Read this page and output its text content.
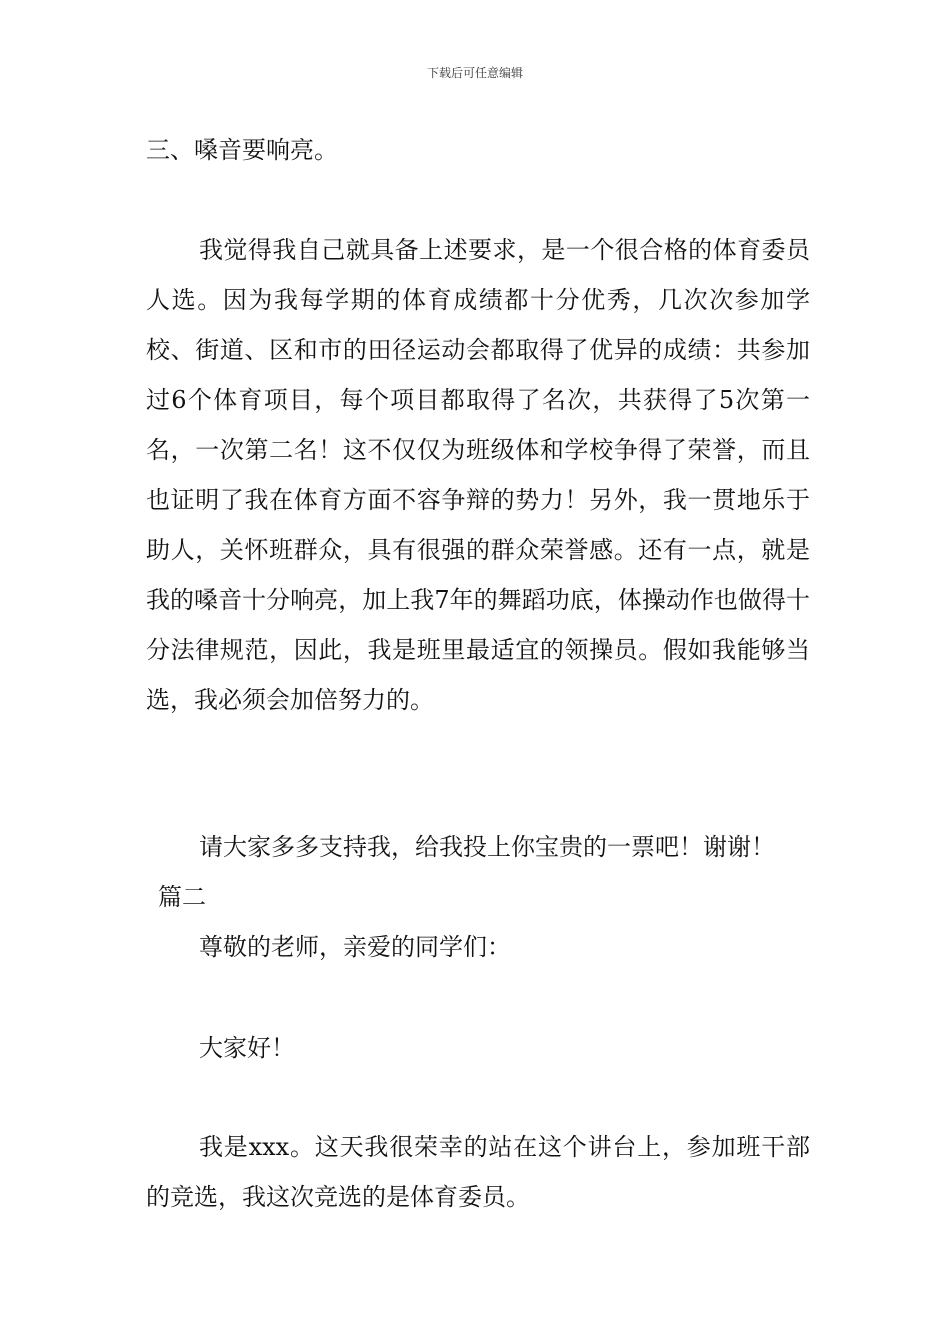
下载后可任意编辑

三、嗓音要响亮。

我觉得我自己就具备上述要求，是一个很合格的体育委员人选。因为我每学期的体育成绩都十分优秀，几次次参加学校、街道、区和市的田径运动会都取得了优异的成绩：共参加过6个体育项目，每个项目都取得了名次，共获得了5次第一名，一次第二名！这不仅仅为班级体和学校争得了荣誉，而且也证明了我在体育方面不容争辩的势力！另外，我一贯地乐于助人，关怀班群众，具有很强的群众荣誉感。还有一点，就是我的嗓音十分响亮，加上我7年的舞蹈功底，体操动作也做得十分法律规范，因此，我是班里最适宜的领操员。假如我能够当选，我必须会加倍努力的。

请大家多多支持我，给我投上你宝贵的一票吧！谢谢！

篇二

尊敬的老师，亲爱的同学们：

大家好！

我是xxx。这天我很荣幸的站在这个讲台上，参加班干部的竞选，我这次竞选的是体育委员。
